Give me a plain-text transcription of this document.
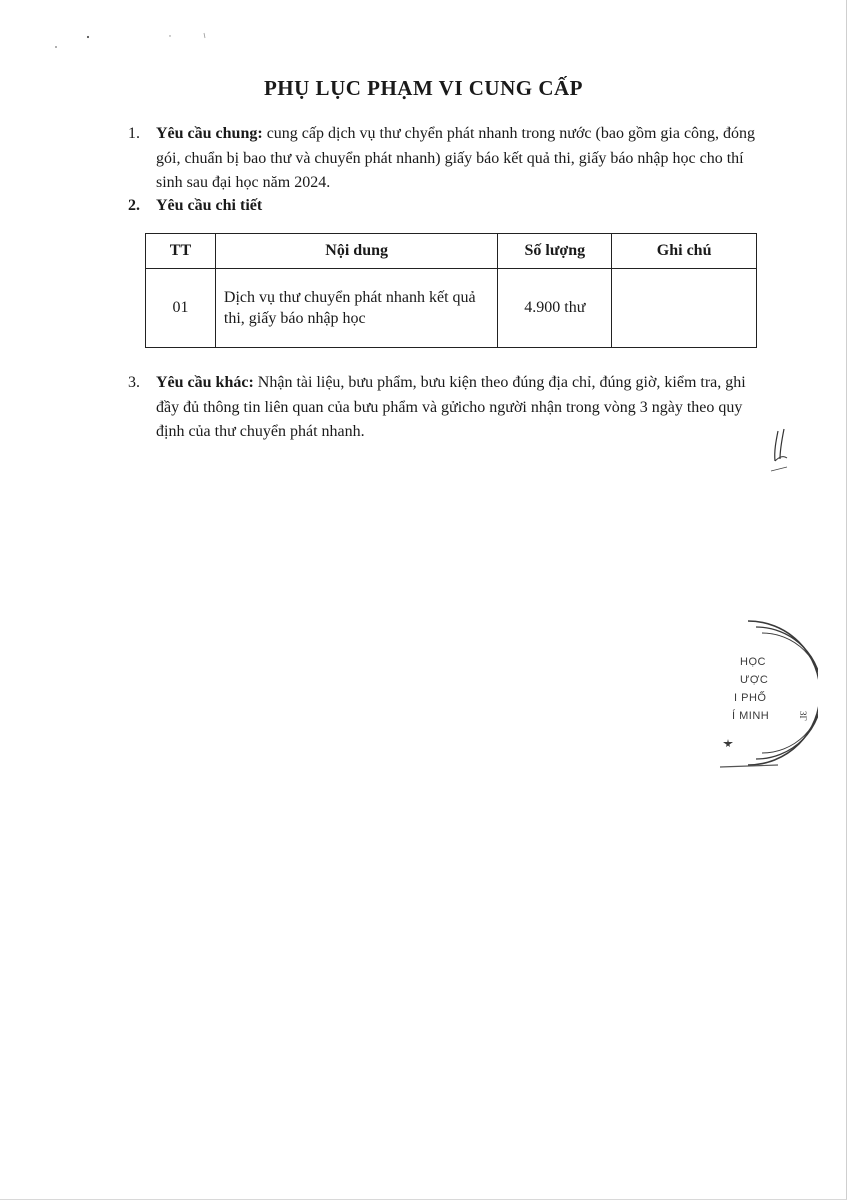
PHỤ LỤC PHẠM VI CUNG CẤP
1. Yêu cầu chung: cung cấp dịch vụ thư chyển phát nhanh trong nước (bao gồm gia công, đóng gói, chuẩn bị bao thư và chuyển phát nhanh) giấy báo kết quả thi, giấy báo nhập học cho thí sinh sau đại học năm 2024.
2. Yêu cầu chi tiết
TT	Nội dung	Số lượng	Ghi chú
01	Dịch vụ thư chuyển phát nhanh kết quả thi, giấy báo nhập học	4.900 thư	
3. Yêu cầu khác: Nhận tài liệu, bưu phẩm, bưu kiện theo đúng địa chỉ, đúng giờ, kiểm tra, ghi đầy đủ thông tin liên quan của bưu phẩm và gửicho người nhận trong vòng 3 ngày theo quy định của thư chuyển phát nhanh.
ЗГ
HỌC
ƯỢC
I PHỐ
Í MINH
